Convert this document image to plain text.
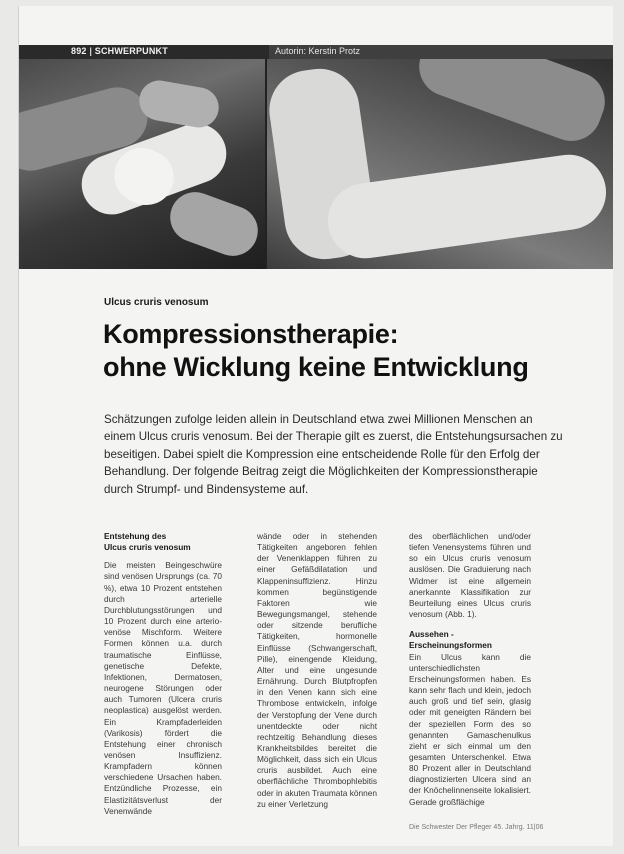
892 | SCHWERPUNKT	Autorin: Kerstin Protz
Ulcus cruris venosum
Kompressionstherapie:
ohne Wicklung keine Entwicklung
Schätzungen zufolge leiden allein in Deutschland etwa zwei Millionen Menschen an einem Ulcus cruris venosum. Bei der Therapie gilt es zuerst, die Entstehungsursachen zu beseitigen. Dabei spielt die Kompression eine entscheidende Rolle für den Erfolg der Behandlung. Der folgende Beitrag zeigt die Möglichkeiten der Kompressionstherapie durch Strumpf- und Bindensysteme auf.
Entstehung des
Ulcus cruris venosum

Die meisten Beingeschwüre sind venösen Ursprungs (ca. 70 %), etwa 10 Prozent entstehen durch arterielle Durchblutungsstörungen und 10 Prozent durch eine arterio-venöse Mischform. Weitere Formen können u.a. durch traumatische Einflüsse, genetische Defekte, Infektionen, Dermatosen, neurogene Störungen oder auch Tumoren (Ulcera cruris neoplastica) ausgelöst werden. Ein Krampfaderleiden (Varikosis) fördert die Entstehung einer chronisch venösen Insuffizienz. Krampfadern können verschiedene Ursachen haben. Entzündliche Prozesse, ein Elastizitätsverlust der Venenwände

wände oder in stehenden Tätigkeiten angeboren fehlen der Venenklappen führen zu einer Gefäßdilatation und Klappeninsuffizienz. Hinzu kommen begünstigende Faktoren wie Bewegungsmangel, stehende oder sitzende berufliche Tätigkeiten, hormonelle Einflüsse (Schwangerschaft, Pille), einengende Kleidung, Alter und eine ungesunde Ernährung. Durch Blutpfropfen in den Venen kann sich eine Thrombose entwickeln, infolge der Verstopfung der Vene durch unentdeckte oder nicht rechtzeitig Behandlung dieses Krankheitsbildes bereitet die Möglichkeit, dass sich ein Ulcus cruris ausbildet. Auch eine oberflächliche Thrombophlebitis oder in akuten Traumata können zu einer Verletzung

des oberflächlichen und/oder tiefen Venensystems führen und so ein Ulcus cruris venosum auslösen. Die Graduierung nach Widmer ist eine allgemein anerkannte Klassifikation zur Beurteilung eines Ulcus cruris venosum (Abb. 1).

Aussehen -
Erscheinungsformen

Ein Ulcus kann die unterschiedlichsten Erscheinungsformen haben. Es kann sehr flach und klein, jedoch auch groß und tief sein, glasig oder mit geneigten Rändern bei der speziellen Form des so genannten Gamaschenulkus zieht er sich einmal um den gesamten Unterschenkel. Etwa 80 Prozent aller in Deutschland diagnostizierten Ulcera sind an der Knöchelinnenseite lokalisiert. Gerade großflächige

Die Schwester Der Pfleger 45. Jahrg. 11|06
